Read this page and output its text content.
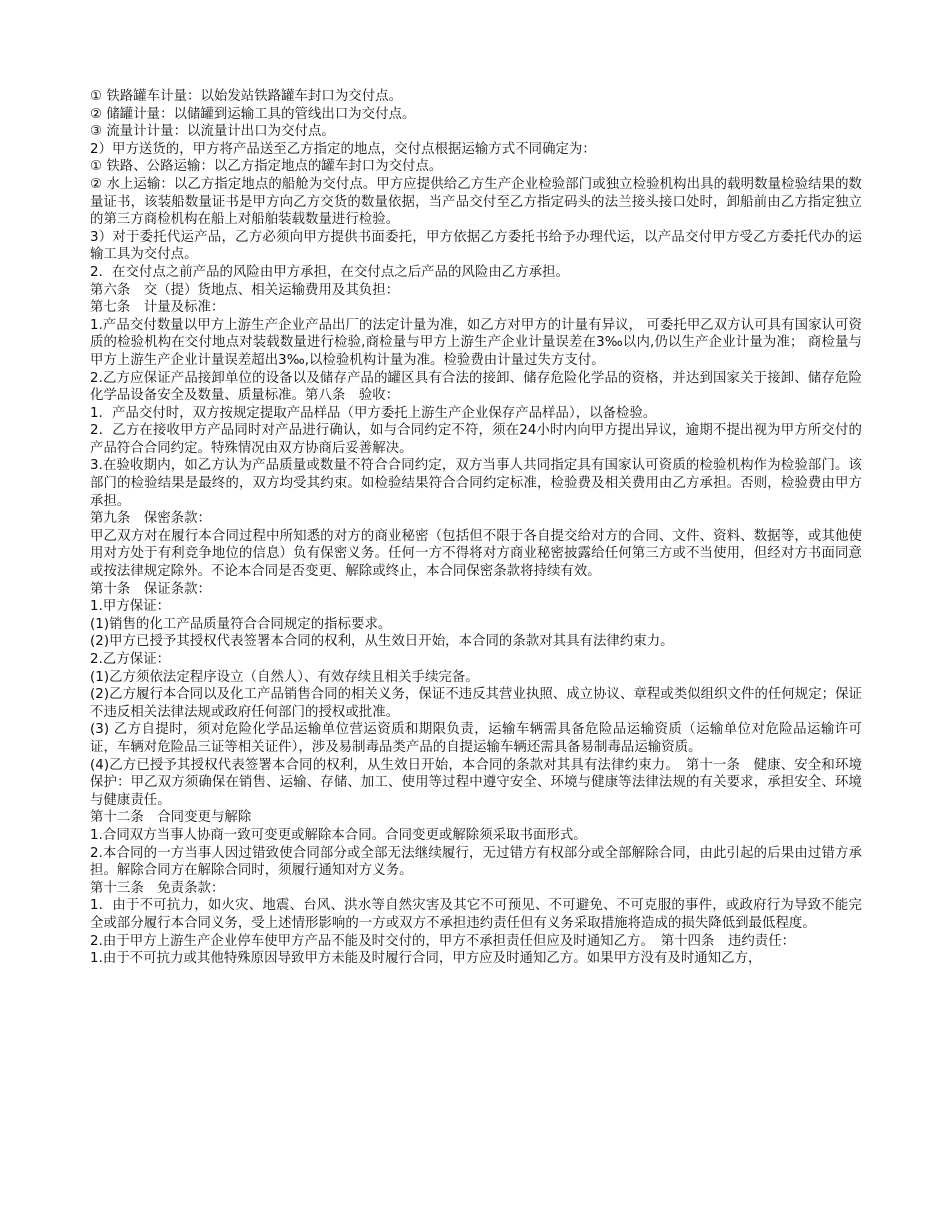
① 铁路罐车计量：以始发站铁路罐车封口为交付点。

② 储罐计量：以储罐到运输工具的管线出口为交付点。

③ 流量计计量：以流量计出口为交付点。

2）甲方送货的，甲方将产品送至乙方指定的地点，交付点根据运输方式不同确定为：

① 铁路、公路运输：以乙方指定地点的罐车封口为交付点。

② 水上运输：以乙方指定地点的船舱为交付点。甲方应提供给乙方生产企业检验部门或独立检验机构出具的载明数量检验结果的数量证书，该装船数量证书是甲方向乙方交货的数量依据，当产品交付至乙方指定码头的法兰接头接口处时，卸船前由乙方指定独立的第三方商检机构在船上对船舶装载数量进行检验。

3）对于委托代运产品，乙方必须向甲方提供书面委托，甲方依据乙方委托书给予办理代运，以产品交付甲方受乙方委托代办的运输工具为交付点。

2．在交付点之前产品的风险由甲方承担，在交付点之后产品的风险由乙方承担。

第六条　交（提）货地点、相关运输费用及其负担：

第七条　计量及标准：

1.产品交付数量以甲方上游生产企业产品出厂的法定计量为准，如乙方对甲方的计量有异议， 可委托甲乙双方认可具有国家认可资质的检验机构在交付地点对装载数量进行检验,商检量与甲方上游生产企业计量误差在3‰以内,仍以生产企业计量为准； 商检量与甲方上游生产企业计量误差超出3‰,以检验机构计量为准。检验费由计量过失方支付。

2.乙方应保证产品接卸单位的设备以及储存产品的罐区具有合法的接卸、储存危险化学品的资格，并达到国家关于接卸、储存危险化学品设备安全及数量、质量标准。第八条　验收：

1．产品交付时，双方按规定提取产品样品（甲方委托上游生产企业保存产品样品），以备检验。

2．乙方在接收甲方产品同时对产品进行确认，如与合同约定不符，须在24小时内向甲方提出异议，逾期不提出视为甲方所交付的产品符合合同约定。特殊情况由双方协商后妥善解决。

3.在验收期内，如乙方认为产品质量或数量不符合合同约定，双方当事人共同指定具有国家认可资质的检验机构作为检验部门。该部门的检验结果是最终的，双方均受其约束。如检验结果符合合同约定标准，检验费及相关费用由乙方承担。否则，检验费由甲方承担。

第九条　保密条款：

甲乙双方对在履行本合同过程中所知悉的对方的商业秘密（包括但不限于各自提交给对方的合同、文件、资料、数据等，或其他使用对方处于有利竞争地位的信息）负有保密义务。任何一方不得将对方商业秘密披露给任何第三方或不当使用，但经对方书面同意或按法律规定除外。不论本合同是否变更、解除或终止，本合同保密条款将持续有效。

第十条　保证条款：

1.甲方保证：

(1)销售的化工产品质量符合合同规定的指标要求。

(2)甲方已授予其授权代表签署本合同的权利，从生效日开始，本合同的条款对其具有法律约束力。

2.乙方保证：

(1)乙方须依法定程序设立（自然人）、有效存续且相关手续完备。

(2)乙方履行本合同以及化工产品销售合同的相关义务，保证不违反其营业执照、成立协议、章程或类似组织文件的任何规定；保证不违反相关法律法规或政府任何部门的授权或批准。

(3) 乙方自提时，须对危险化学品运输单位营运资质和期限负责，运输车辆需具备危险品运输资质（运输单位对危险品运输许可证，车辆对危险品三证等相关证件），涉及易制毒品类产品的自提运输车辆还需具备易制毒品运输资质。

(4)乙方已授予其授权代表签署本合同的权利，从生效日开始，本合同的条款对其具有法律约束力。　第十一条　健康、安全和环境保护：甲乙双方须确保在销售、运输、存储、加工、使用等过程中遵守安全、环境与健康等法律法规的有关要求，承担安全、环境与健康责任。

第十二条　合同变更与解除

1.合同双方当事人协商一致可变更或解除本合同。合同变更或解除须采取书面形式。

2.本合同的一方当事人因过错致使合同部分或全部无法继续履行，无过错方有权部分或全部解除合同，由此引起的后果由过错方承担。解除合同方在解除合同时，须履行通知对方义务。

第十三条　免责条款：

1．由于不可抗力，如火灾、地震、台风、洪水等自然灾害及其它不可预见、不可避免、不可克服的事件，或政府行为导致不能完全或部分履行本合同义务，受上述情形影响的一方或双方不承担违约责任但有义务采取措施将造成的损失降低到最低程度。

2.由于甲方上游生产企业停车使甲方产品不能及时交付的，甲方不承担责任但应及时通知乙方。　第十四条　违约责任：

1.由于不可抗力或其他特殊原因导致甲方未能及时履行合同，甲方应及时通知乙方。如果甲方没有及时通知乙方，
